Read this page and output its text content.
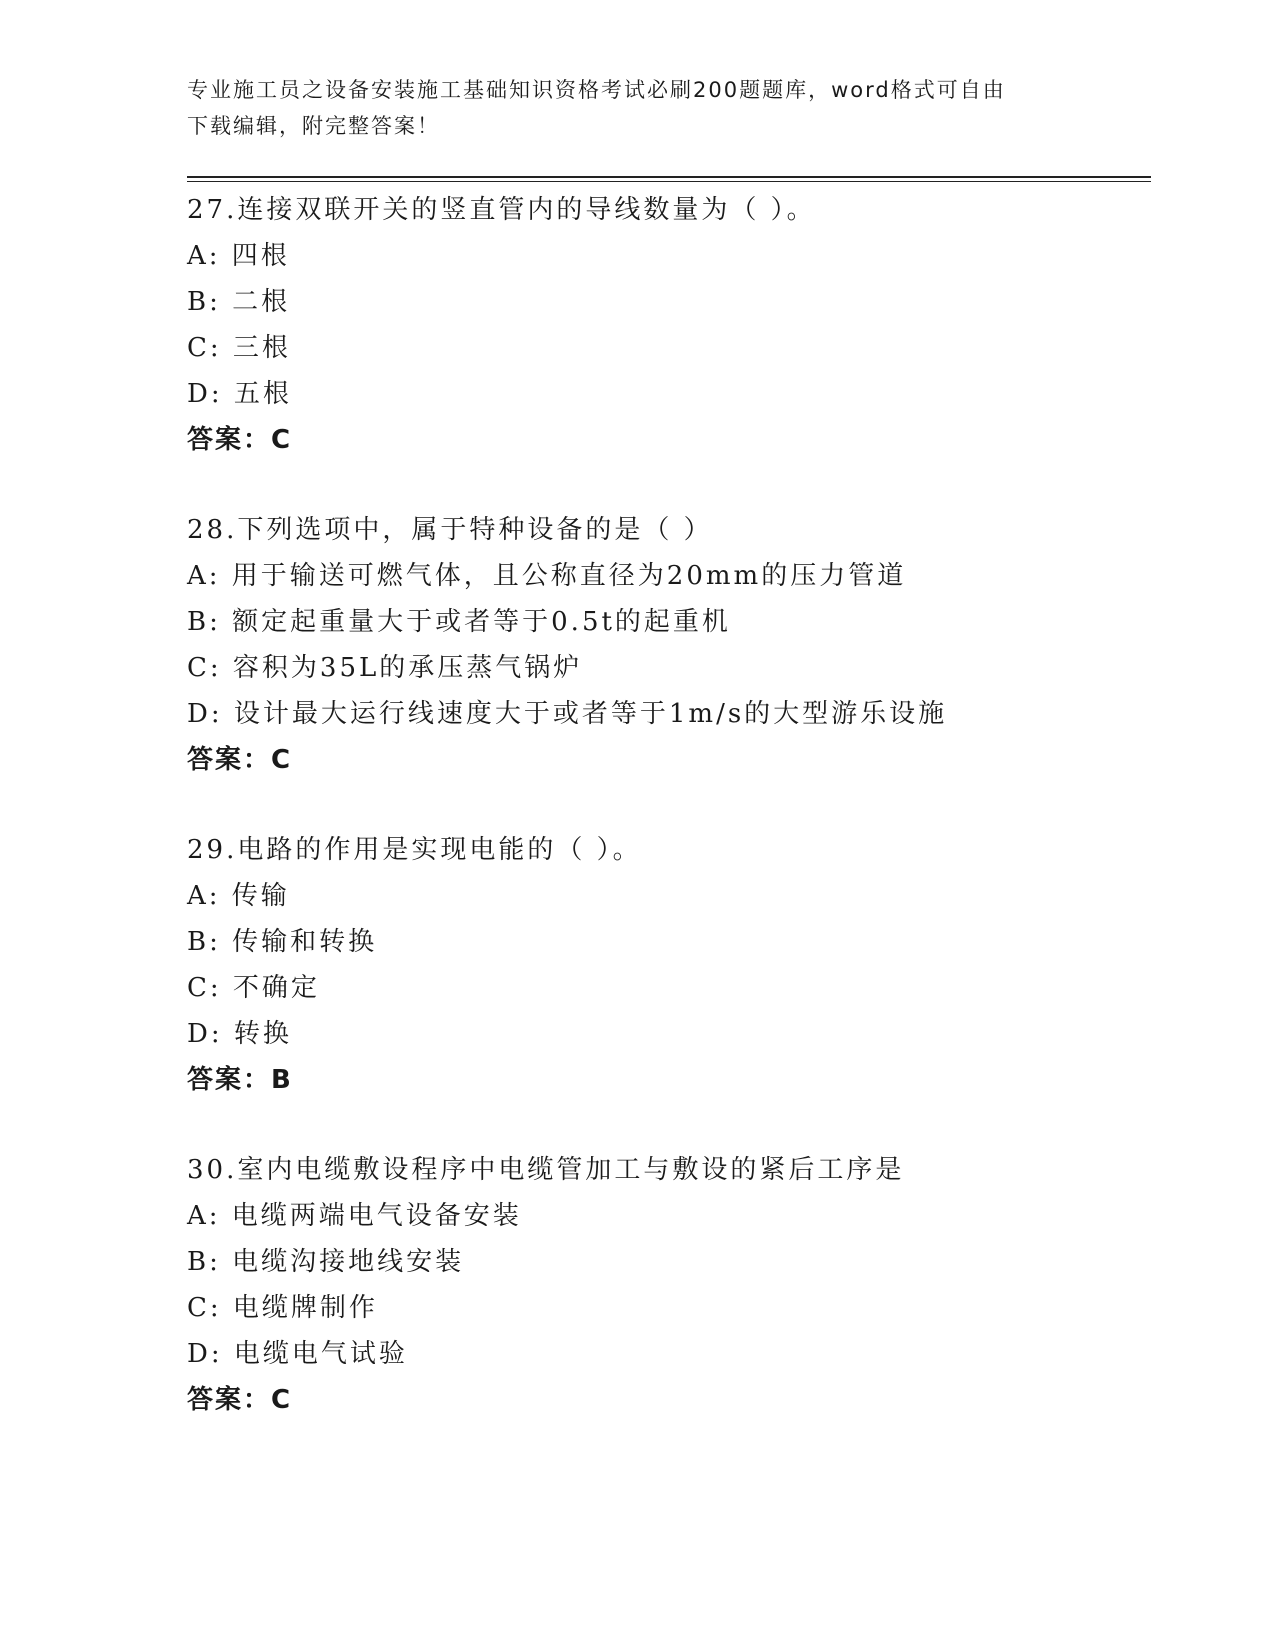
专业施工员之设备安装施工基础知识资格考试必刷200题题库，word格式可自由
下载编辑，附完整答案！
27.连接双联开关的竖直管内的导线数量为（ ）。
A: 四根
B: 二根
C: 三根
D: 五根
答案：C
28.下列选项中，属于特种设备的是（ ）
A: 用于输送可燃气体，且公称直径为20mm的压力管道
B: 额定起重量大于或者等于0.5t的起重机
C: 容积为35L的承压蒸气锅炉
D: 设计最大运行线速度大于或者等于1m/s的大型游乐设施
答案：C
29.电路的作用是实现电能的（ ）。
A: 传输
B: 传输和转换
C: 不确定
D: 转换
答案：B
30.室内电缆敷设程序中电缆管加工与敷设的紧后工序是
A: 电缆两端电气设备安装
B: 电缆沟接地线安装
C: 电缆牌制作
D: 电缆电气试验
答案：C
